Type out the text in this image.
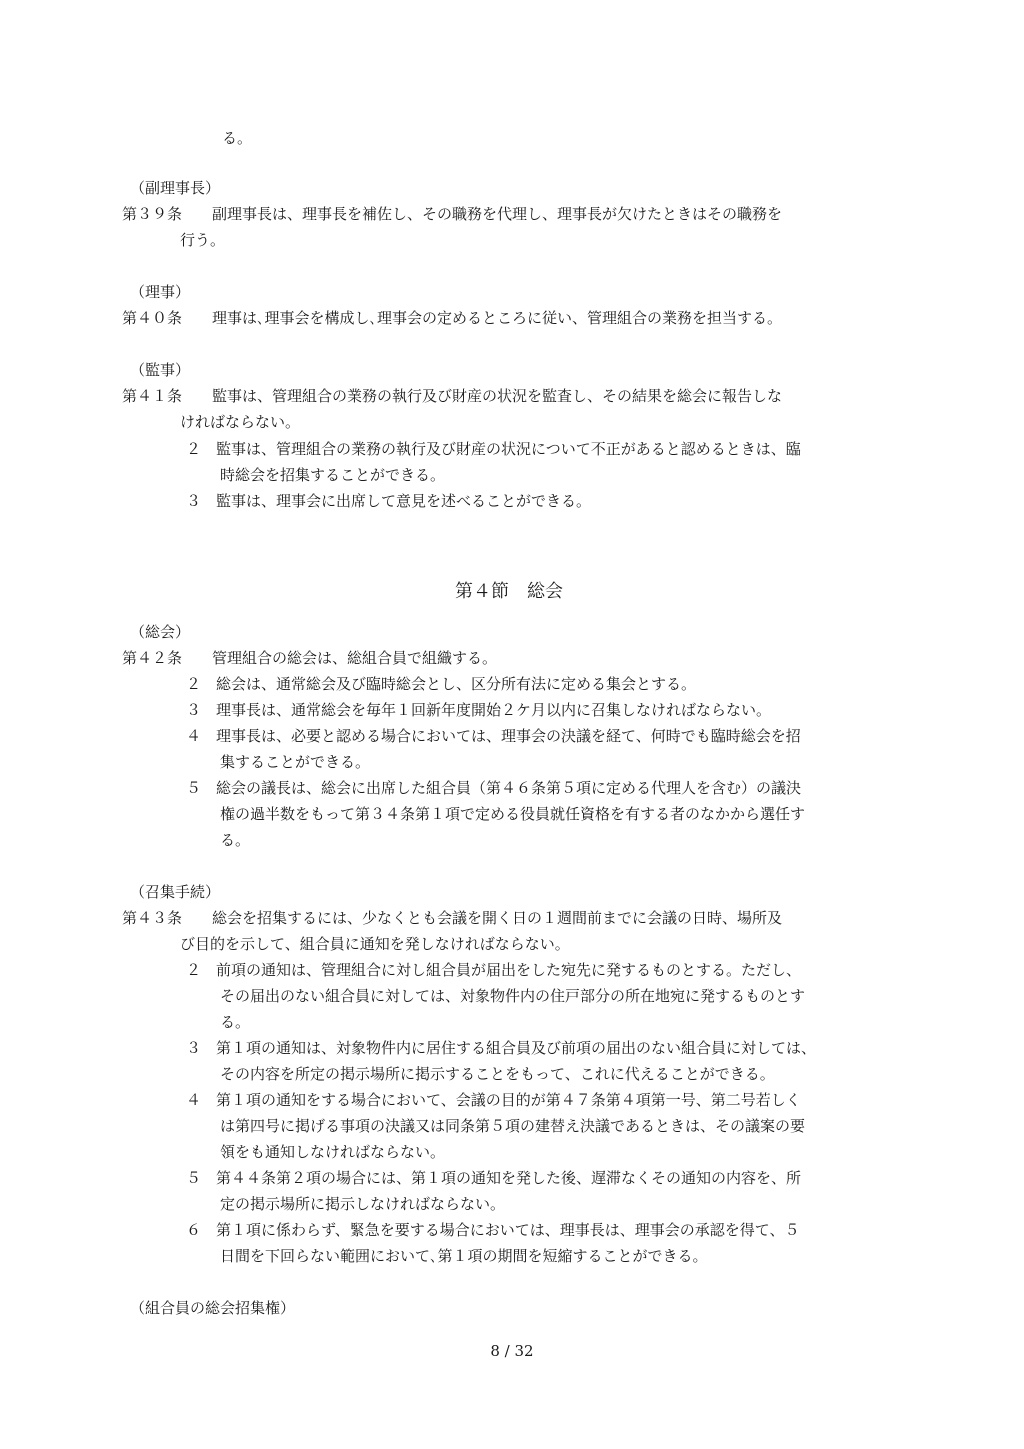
る。
（副理事長）
第３９条　　副理事長は、理事長を補佐し、その職務を代理し、理事長が欠けたときはその職務を
行う。
（理事）
第４０条　　理事は､理事会を構成し､理事会の定めるところに従い、管理組合の業務を担当する。
（監事）
第４１条　　監事は、管理組合の業務の執行及び財産の状況を監査し、その結果を総会に報告しな
ければならない。
２　監事は、管理組合の業務の執行及び財産の状況について不正があると認めるときは、臨
時総会を招集することができる。
３　監事は、理事会に出席して意見を述べることができる。
第４節　総会
（総会）
第４２条　　管理組合の総会は、総組合員で組織する。
２　総会は、通常総会及び臨時総会とし、区分所有法に定める集会とする。
３　理事長は、通常総会を毎年１回新年度開始２ケ月以内に召集しなければならない。
４　理事長は、必要と認める場合においては、理事会の決議を経て、何時でも臨時総会を招
集することができる。
５　総会の議長は、総会に出席した組合員（第４６条第５項に定める代理人を含む）の議決
権の過半数をもって第３４条第１項で定める役員就任資格を有する者のなかから選任す
る。
（召集手続）
第４３条　　総会を招集するには、少なくとも会議を開く日の１週間前までに会議の日時、場所及
び目的を示して、組合員に通知を発しなければならない。
２　前項の通知は、管理組合に対し組合員が届出をした宛先に発するものとする。ただし、
その届出のない組合員に対しては、対象物件内の住戸部分の所在地宛に発するものとす
る。
３　第１項の通知は、対象物件内に居住する組合員及び前項の届出のない組合員に対しては、
その内容を所定の掲示場所に掲示することをもって、これに代えることができる。
４　第１項の通知をする場合において、会議の目的が第４７条第４項第一号、第二号若しく
は第四号に掲げる事項の決議又は同条第５項の建替え決議であるときは、その議案の要
領をも通知しなければならない。
５　第４４条第２項の場合には、第１項の通知を発した後、遅滞なくその通知の内容を、所
定の掲示場所に掲示しなければならない。
６　第１項に係わらず、緊急を要する場合においては、理事長は、理事会の承認を得て、５
日間を下回らない範囲において､第１項の期間を短縮することができる。
（組合員の総会招集権）
8 / 32
